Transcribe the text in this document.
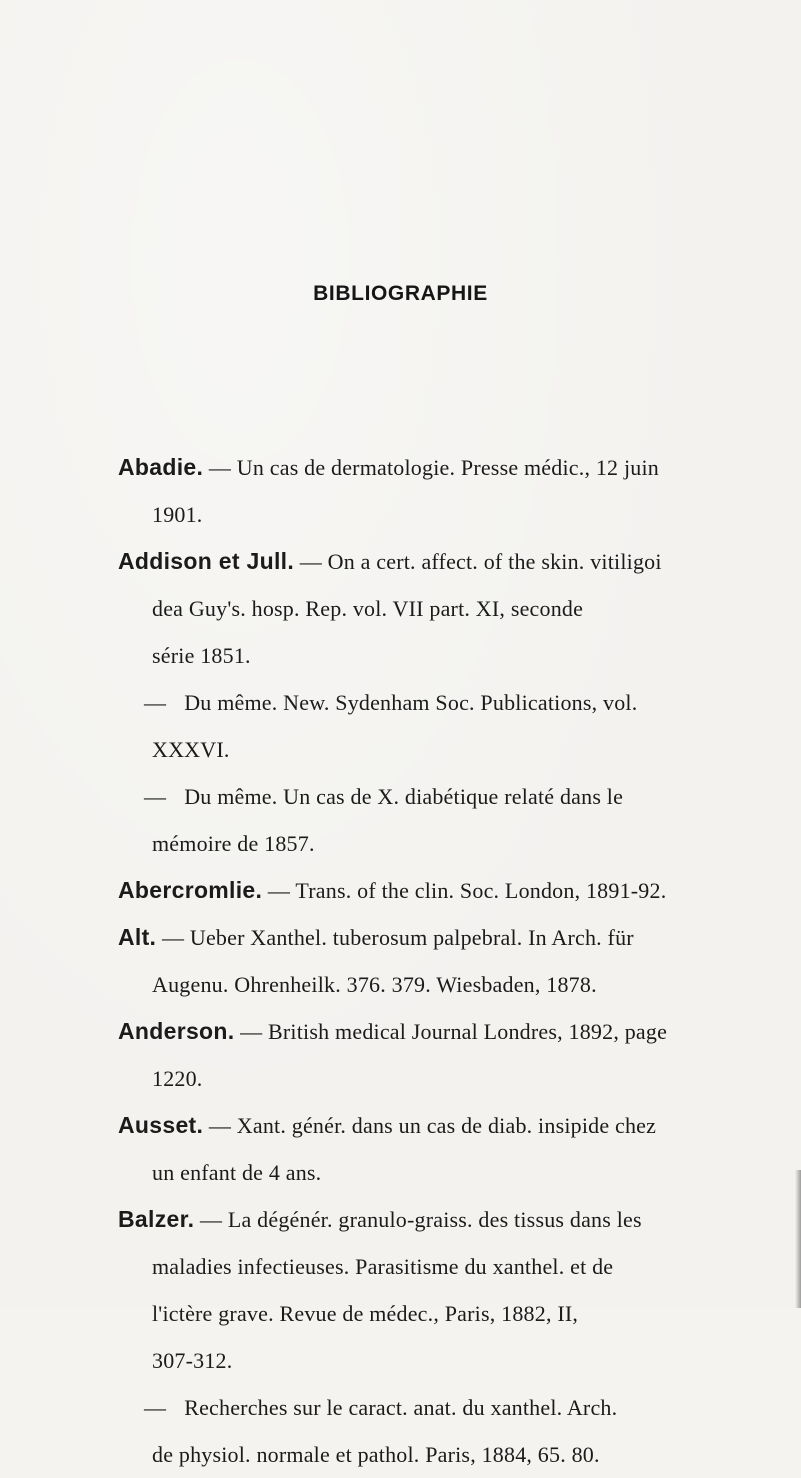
BIBLIOGRAPHIE
Abadie. — Un cas de dermatologie. Presse médic., 12 juin
1901.
Addison et Jull. — On a cert. affect. of the skin. vitiligoi
dea Guy's. hosp. Rep. vol. VII part. XI, seconde
série 1851.
— Du même. New. Sydenham Soc. Publications, vol.
XXXVI.
— Du même. Un cas de X. diabétique relaté dans le
mémoire de 1857.
Abercromlie. — Trans. of the clin. Soc. London, 1891-92.
Alt. — Ueber Xanthel. tuberosum palpebral. In Arch. für
Augenu. Ohrenheilk. 376. 379. Wiesbaden, 1878.
Anderson. — British medical Journal Londres, 1892, page
1220.
Ausset. — Xant. génér. dans un cas de diab. insipide chez
un enfant de 4 ans.
Balzer. — La dégénér. granulo-graiss. des tissus dans les
maladies infectieuses. Parasitisme du xanthel. et de
l'ictère grave. Revue de médec., Paris, 1882, II,
307-312.
— Recherches sur le caract. anat. du xanthel. Arch.
de physiol. normale et pathol. Paris, 1884, 65. 80.
